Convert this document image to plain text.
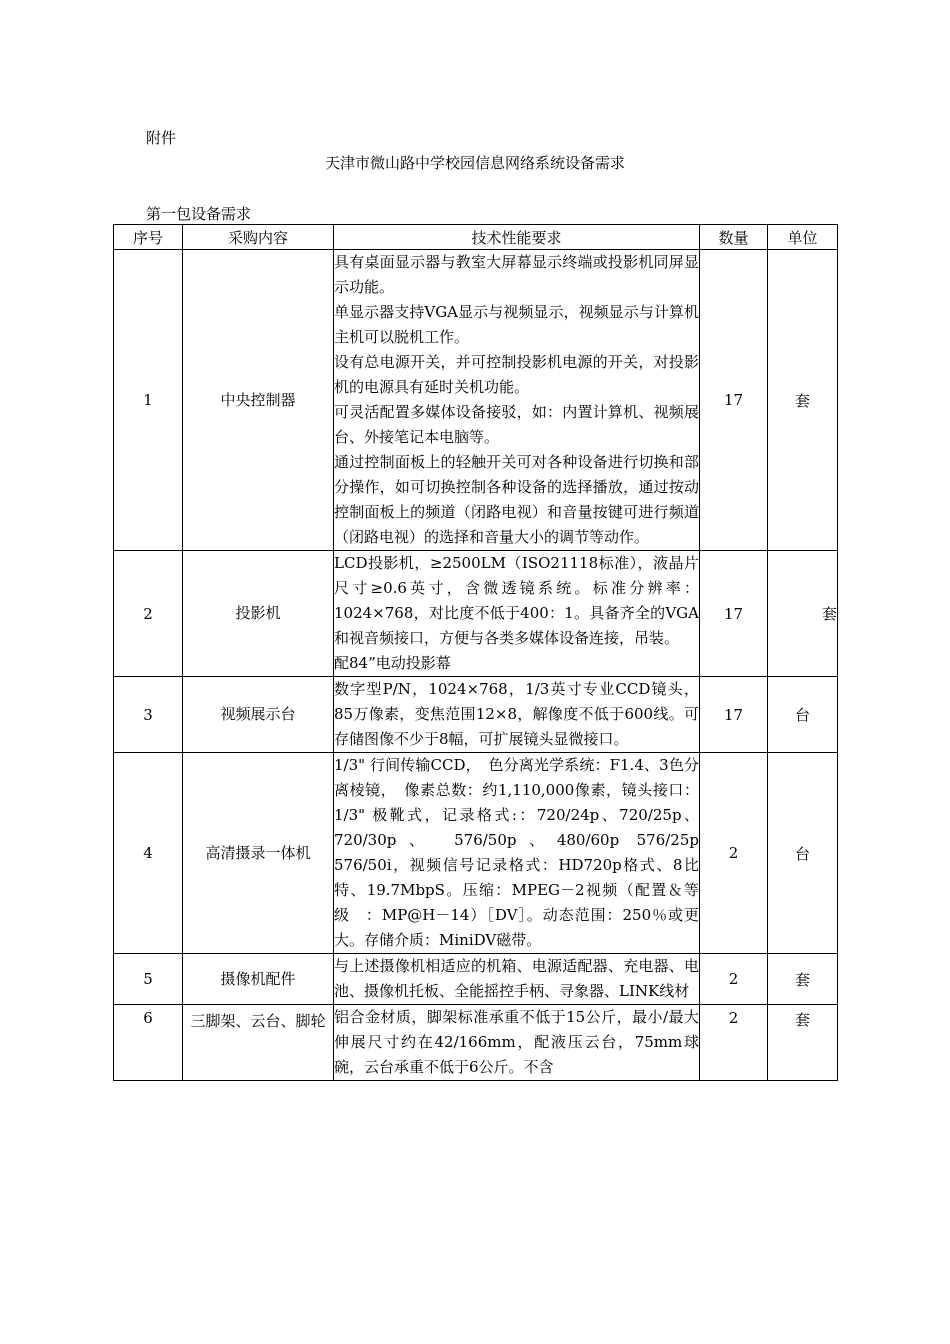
附件
天津市微山路中学校园信息网络系统设备需求
第一包设备需求
序号	采购内容	技术性能要求	数量	单位
1	中央控制器	具有桌面显示器与教室大屏幕显示终端或投影机同屏显示功能。

单显示器支持VGA显示与视频显示，视频显示与计算机主机可以脱机工作。

设有总电源开关，并可控制投影机电源的开关，对投影机的电源具有延时关机功能。

可灵活配置多媒体设备接驳，如：内置计算机、视频展台、外接笔记本电脑等。

通过控制面板上的轻触开关可对各种设备进行切换和部分操作，如可切换控制各种设备的选择播放，通过按动控制面板上的频道（闭路电视）和音量按键可进行频道（闭路电视）的选择和音量大小的调节等动作。	17	套
2	投影机	LCD投影机，≥2500LM（ISO21118标准），液晶片尺寸≥0.6英寸，含微透镜系统。标准分辨率：1024×768，对比度不低于400：1。具备齐全的VGA和视音频接口，方便与各类多媒体设备连接，吊装。

配84”电动投影幕	17	套
3	视频展示台	数字型P/N，1024×768，1/3英寸专业CCD镜头，85万像素，变焦范围12×8，解像度不低于600线。可存储图像不少于8幅，可扩展镜头显微接口。	17	台
4	高清摄录一体机	1/3" 行间传输CCD，　色分离光学系统：F1.4、3色分离棱镜，　像素总数：约1,110,000像素，镜头接口：1/3" 极靴式，记录格式:：720/24p、720/25p、720/30p、 576/50p、480/60p 576/25p 576/50i，视频信号记录格式：HD720p格式、8比特、19.7MbpS。压缩：MPEG－2视频（配置＆等级　：MP@H－14）［DV］。动态范围：250％或更大。存储介质：MiniDV磁带。	2	台
5	摄像机配件	与上述摄像机相适应的机箱、电源适配器、充电器、电池、摄像机托板、全能摇控手柄、寻象器、LINK线材	2	套
6	三脚架、云台、脚轮	铝合金材质，脚架标准承重不低于15公斤，最小/最大伸展尺寸约在42/166mm，配液压云台，75mm球碗，云台承重不低于6公斤。不含	2	套
